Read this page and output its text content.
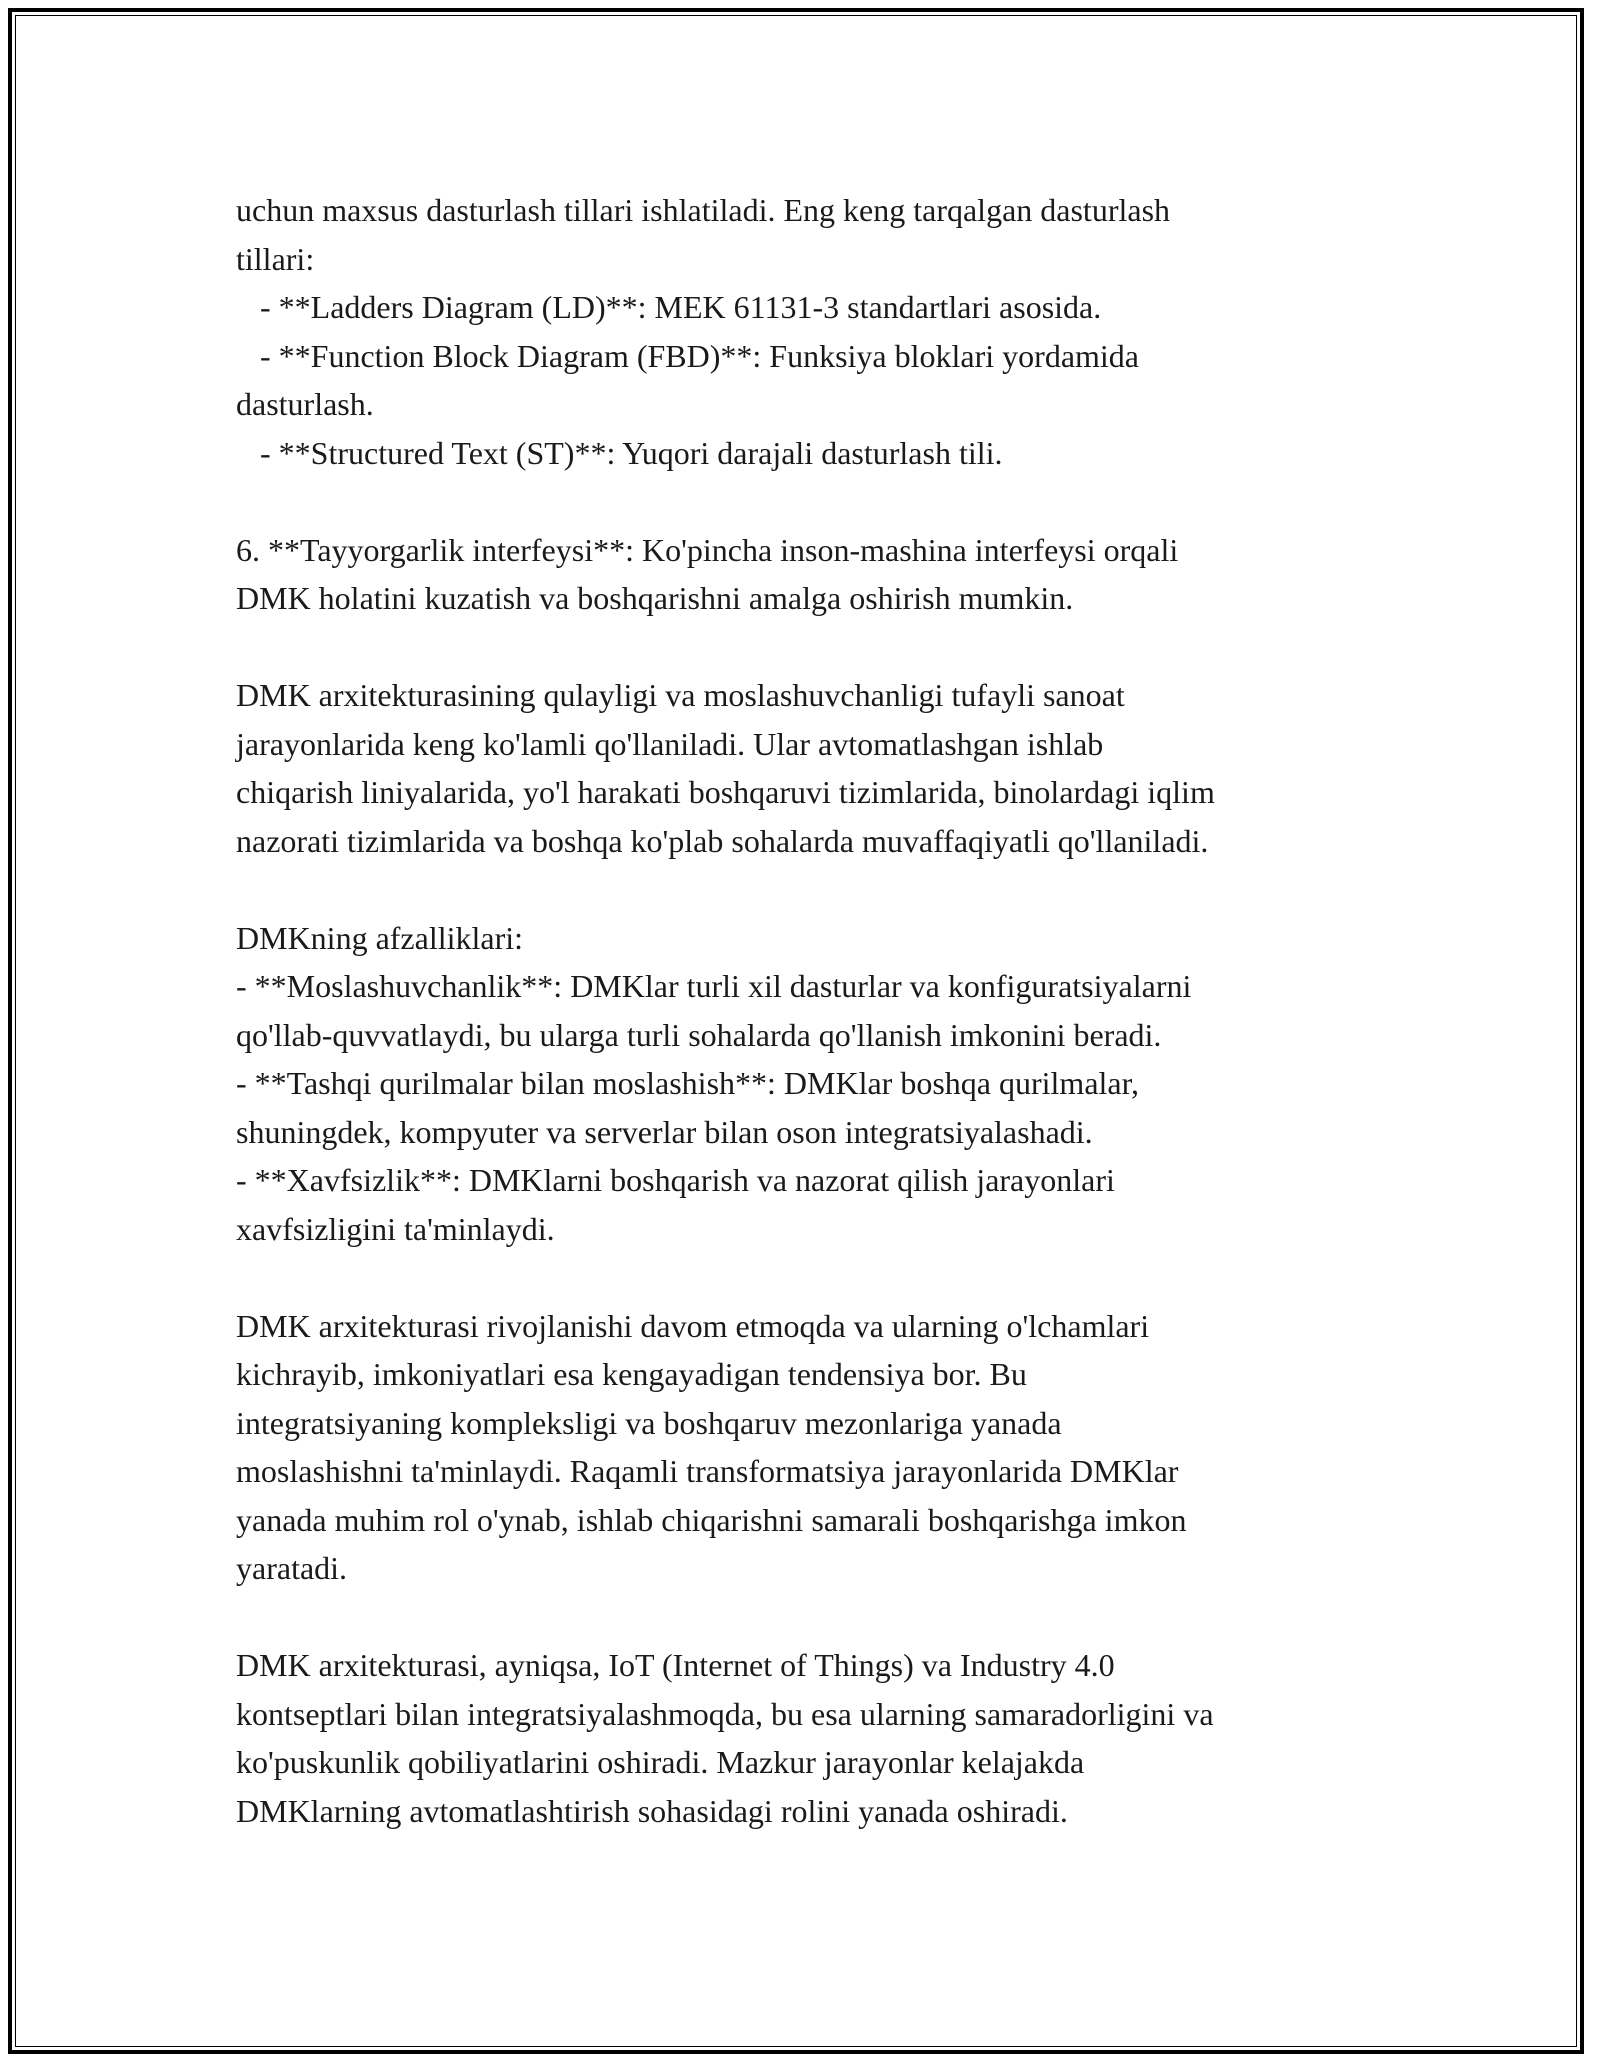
uchun maxsus dasturlash tillari ishlatiladi. Eng keng tarqalgan dasturlash
tillari:
- **Ladders Diagram (LD)**: MEK 61131-3 standartlari asosida.
- **Function Block Diagram (FBD)**: Funksiya bloklari yordamida
dasturlash.
- **Structured Text (ST)**: Yuqori darajali dasturlash tili.
6. **Tayyorgarlik interfeysi**: Ko'pincha inson-mashina interfeysi orqali
DMK holatini kuzatish va boshqarishni amalga oshirish mumkin.
DMK arxitekturasining qulayligi va moslashuvchanligi tufayli sanoat
jarayonlarida keng ko'lamli qo'llaniladi. Ular avtomatlashgan ishlab
chiqarish liniyalarida, yo'l harakati boshqaruvi tizimlarida, binolardagi iqlim
nazorati tizimlarida va boshqa ko'plab sohalarda muvaffaqiyatli qo'llaniladi.
DMKning afzalliklari:
- **Moslashuvchanlik**: DMKlar turli xil dasturlar va konfiguratsiyalarni
qo'llab-quvvatlaydi, bu ularga turli sohalarda qo'llanish imkonini beradi.
- **Tashqi qurilmalar bilan moslashish**: DMKlar boshqa qurilmalar,
shuningdek, kompyuter va serverlar bilan oson integratsiyalashadi.
- **Xavfsizlik**: DMKlarni boshqarish va nazorat qilish jarayonlari
xavfsizligini ta'minlaydi.
DMK arxitekturasi rivojlanishi davom etmoqda va ularning o'lchamlari
kichrayib, imkoniyatlari esa kengayadigan tendensiya bor. Bu
integratsiyaning kompleksligi va boshqaruv mezonlariga yanada
moslashishni ta'minlaydi. Raqamli transformatsiya jarayonlarida DMKlar
yanada muhim rol o'ynab, ishlab chiqarishni samarali boshqarishga imkon
yaratadi.
DMK arxitekturasi, ayniqsa, IoT (Internet of Things) va Industry 4.0
kontseptlari bilan integratsiyalashmoqda, bu esa ularning samaradorligini va
ko'puskunlik qobiliyatlarini oshiradi. Mazkur jarayonlar kelajakda
DMKlarning avtomatlashtirish sohasidagi rolini yanada oshiradi.
